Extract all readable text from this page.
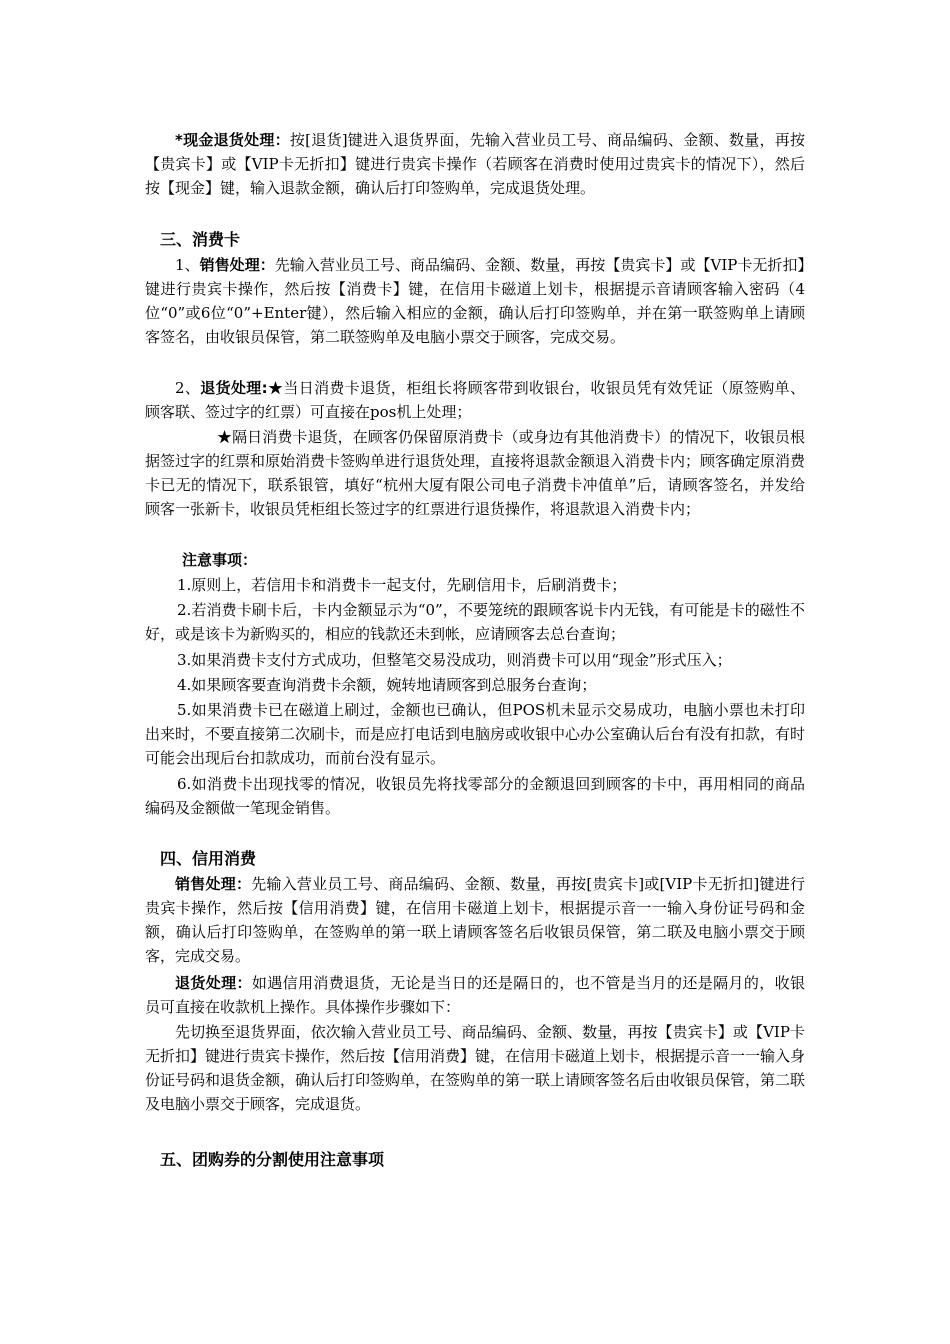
*现金退货处理：按[退货]键进入退货界面，先输入营业员工号、商品编码、金额、数量，再按【贵宾卡】或【VIP卡无折扣】键进行贵宾卡操作（若顾客在消费时使用过贵宾卡的情况下），然后按【现金】键，输入退款金额，确认后打印签购单，完成退货处理。
三、消费卡
1、销售处理：先输入营业员工号、商品编码、金额、数量，再按【贵宾卡】或【VIP卡无折扣】键进行贵宾卡操作，然后按【消费卡】键，在信用卡磁道上划卡，根据提示音请顾客输入密码（4位“0”或6位“0”+Enter键），然后输入相应的金额，确认后打印签购单，并在第一联签购单上请顾客签名，由收银员保管，第二联签购单及电脑小票交于顾客，完成交易。
2、退货处理:★当日消费卡退货，柜组长将顾客带到收银台，收银员凭有效凭证（原签购单、顾客联、签过字的红票）可直接在pos机上处理；
★隔日消费卡退货，在顾客仍保留原消费卡（或身边有其他消费卡）的情况下，收银员根据签过字的红票和原始消费卡签购单进行退货处理，直接将退款金额退入消费卡内；顾客确定原消费卡已无的情况下，联系银管，填好“杭州大厦有限公司电子消费卡冲值单”后，请顾客签名，并发给顾客一张新卡，收银员凭柜组长签过字的红票进行退货操作，将退款退入消费卡内；
注意事项：
1.原则上，若信用卡和消费卡一起支付，先刷信用卡，后刷消费卡；
2.若消费卡刷卡后，卡内金额显示为“0”，不要笼统的跟顾客说卡内无钱，有可能是卡的磁性不好，或是该卡为新购买的，相应的钱款还未到帐，应请顾客去总台查询；
3.如果消费卡支付方式成功，但整笔交易没成功，则消费卡可以用“现金”形式压入；
4.如果顾客要查询消费卡余额，婉转地请顾客到总服务台查询；
5.如果消费卡已在磁道上刷过，金额也已确认，但POS机未显示交易成功，电脑小票也未打印出来时，不要直接第二次刷卡，而是应打电话到电脑房或收银中心办公室确认后台有没有扣款，有时可能会出现后台扣款成功，而前台没有显示。
6.如消费卡出现找零的情况，收银员先将找零部分的金额退回到顾客的卡中，再用相同的商品编码及金额做一笔现金销售。
四、信用消费
销售处理：先输入营业员工号、商品编码、金额、数量，再按[贵宾卡]或[VIP卡无折扣]键进行贵宾卡操作，然后按【信用消费】键，在信用卡磁道上划卡，根据提示音一一输入身份证号码和金额，确认后打印签购单，在签购单的第一联上请顾客签名后收银员保管，第二联及电脑小票交于顾客，完成交易。
退货处理：如遇信用消费退货，无论是当日的还是隔日的，也不管是当月的还是隔月的，收银员可直接在收款机上操作。具体操作步骤如下：
先切换至退货界面，依次输入营业员工号、商品编码、金额、数量，再按【贵宾卡】或【VIP卡无折扣】键进行贵宾卡操作，然后按【信用消费】键，在信用卡磁道上划卡，根据提示音一一输入身份证号码和退货金额，确认后打印签购单，在签购单的第一联上请顾客签名后由收银员保管，第二联及电脑小票交于顾客，完成退货。
五、团购券的分割使用注意事项
